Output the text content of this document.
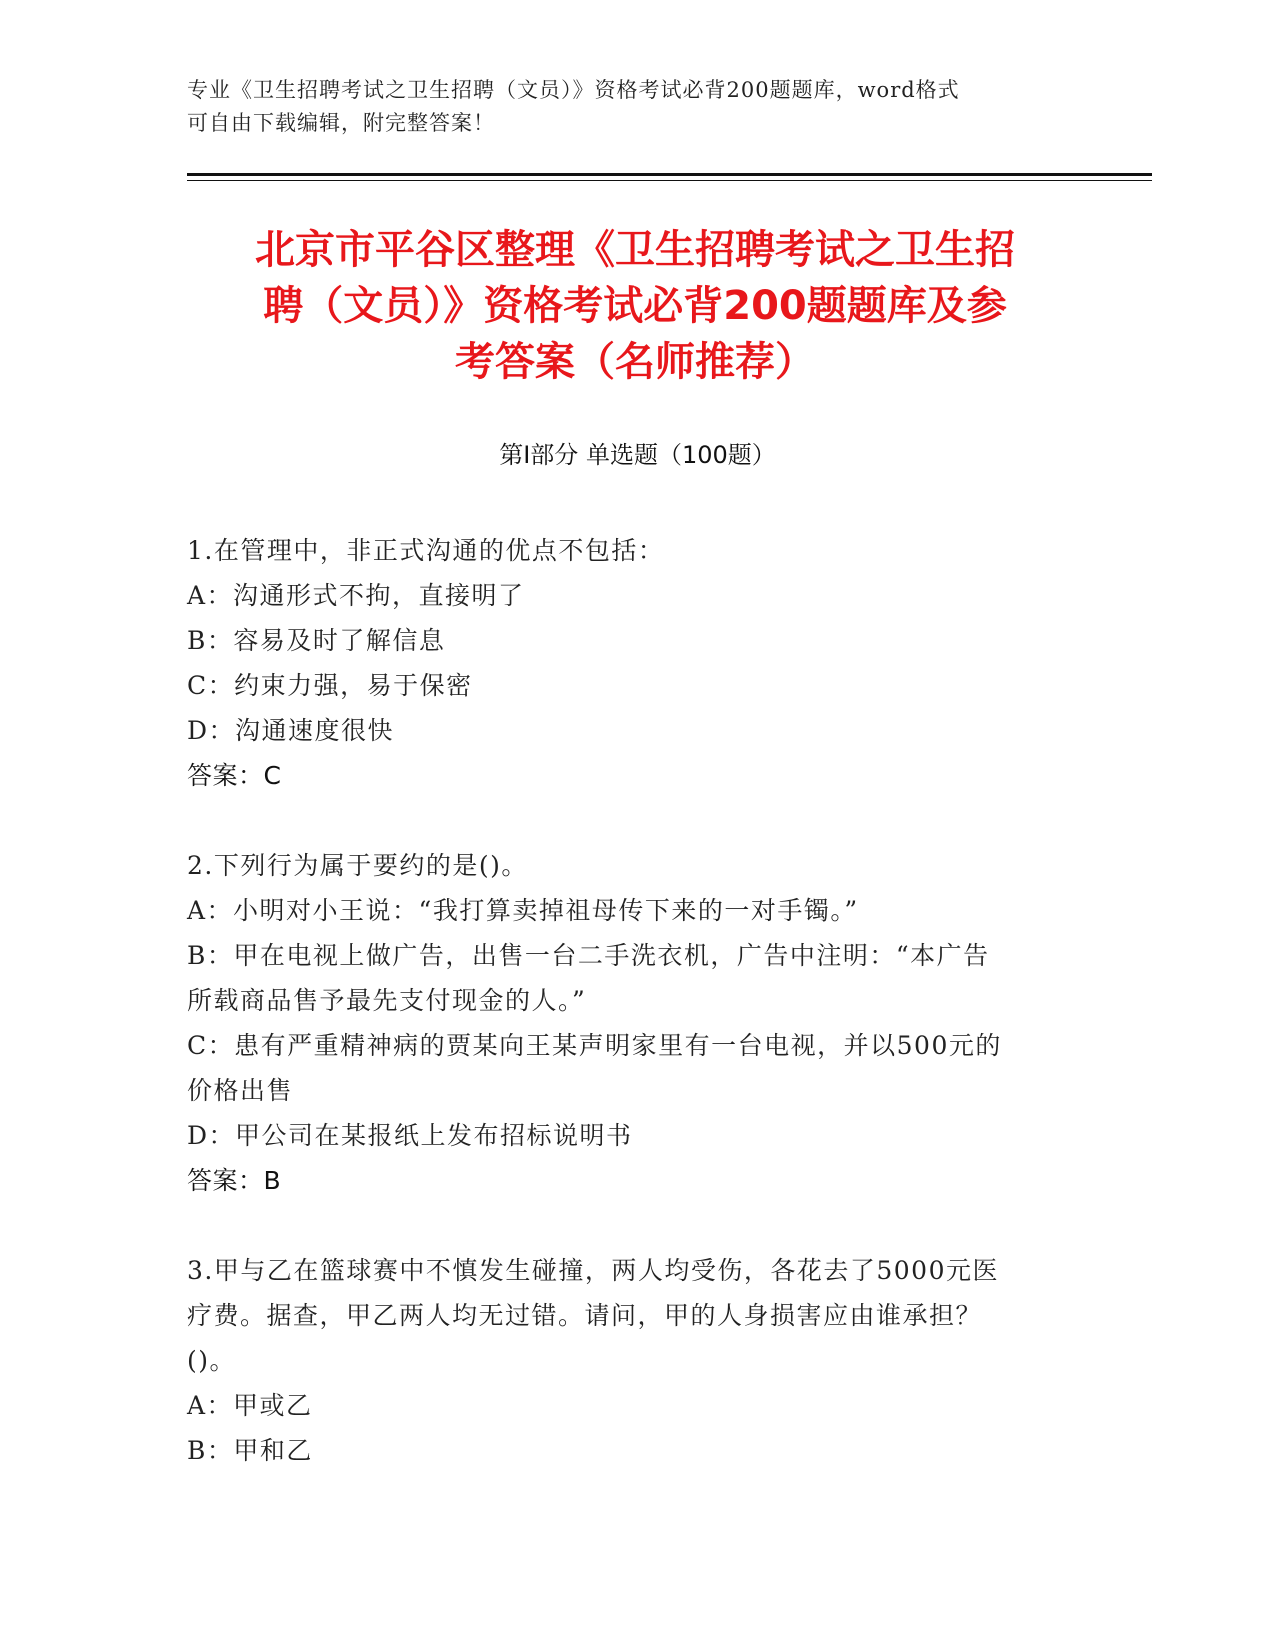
专业《卫生招聘考试之卫生招聘（文员）》资格考试必背200题题库，word格式
可自由下载编辑，附完整答案！
北京市平谷区整理《卫生招聘考试之卫生招
聘（文员）》资格考试必背200题题库及参
考答案（名师推荐）
第Ⅰ部分 单选题（100题）
1.在管理中，非正式沟通的优点不包括：
A：沟通形式不拘，直接明了
B：容易及时了解信息
C：约束力强，易于保密
D：沟通速度很快
答案：C
2.下列行为属于要约的是()。
A：小明对小王说：“我打算卖掉祖母传下来的一对手镯。”
B：甲在电视上做广告，出售一台二手洗衣机，广告中注明：“本广告
所载商品售予最先支付现金的人。”
C：患有严重精神病的贾某向王某声明家里有一台电视，并以500元的
价格出售
D：甲公司在某报纸上发布招标说明书
答案：B
3.甲与乙在篮球赛中不慎发生碰撞，两人均受伤，各花去了5000元医
疗费。据查，甲乙两人均无过错。请问，甲的人身损害应由谁承担？
()。
A：甲或乙
B：甲和乙
